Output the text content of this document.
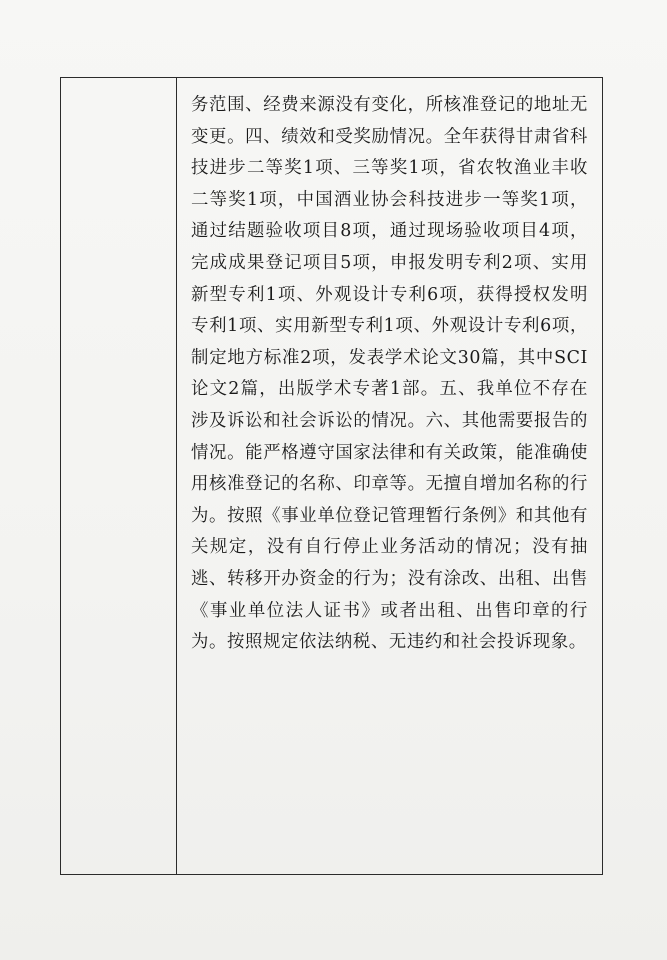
务范围、经费来源没有变化，所核准登记的地址无变更。四、绩效和受奖励情况。全年获得甘肃省科技进步二等奖1项、三等奖1项，省农牧渔业丰收二等奖1项，中国酒业协会科技进步一等奖1项，通过结题验收项目8项，通过现场验收项目4项，完成成果登记项目5项，申报发明专利2项、实用新型专利1项、外观设计专利6项，获得授权发明专利1项、实用新型专利1项、外观设计专利6项，制定地方标准2项，发表学术论文30篇，其中SCI论文2篇，出版学术专著1部。五、我单位不存在涉及诉讼和社会诉讼的情况。六、其他需要报告的情况。能严格遵守国家法律和有关政策，能准确使用核准登记的名称、印章等。无擅自增加名称的行为。按照《事业单位登记管理暂行条例》和其他有关规定，没有自行停止业务活动的情况；没有抽逃、转移开办资金的行为；没有涂改、出租、出售《事业单位法人证书》或者出租、出售印章的行为。按照规定依法纳税、无违约和社会投诉现象。
